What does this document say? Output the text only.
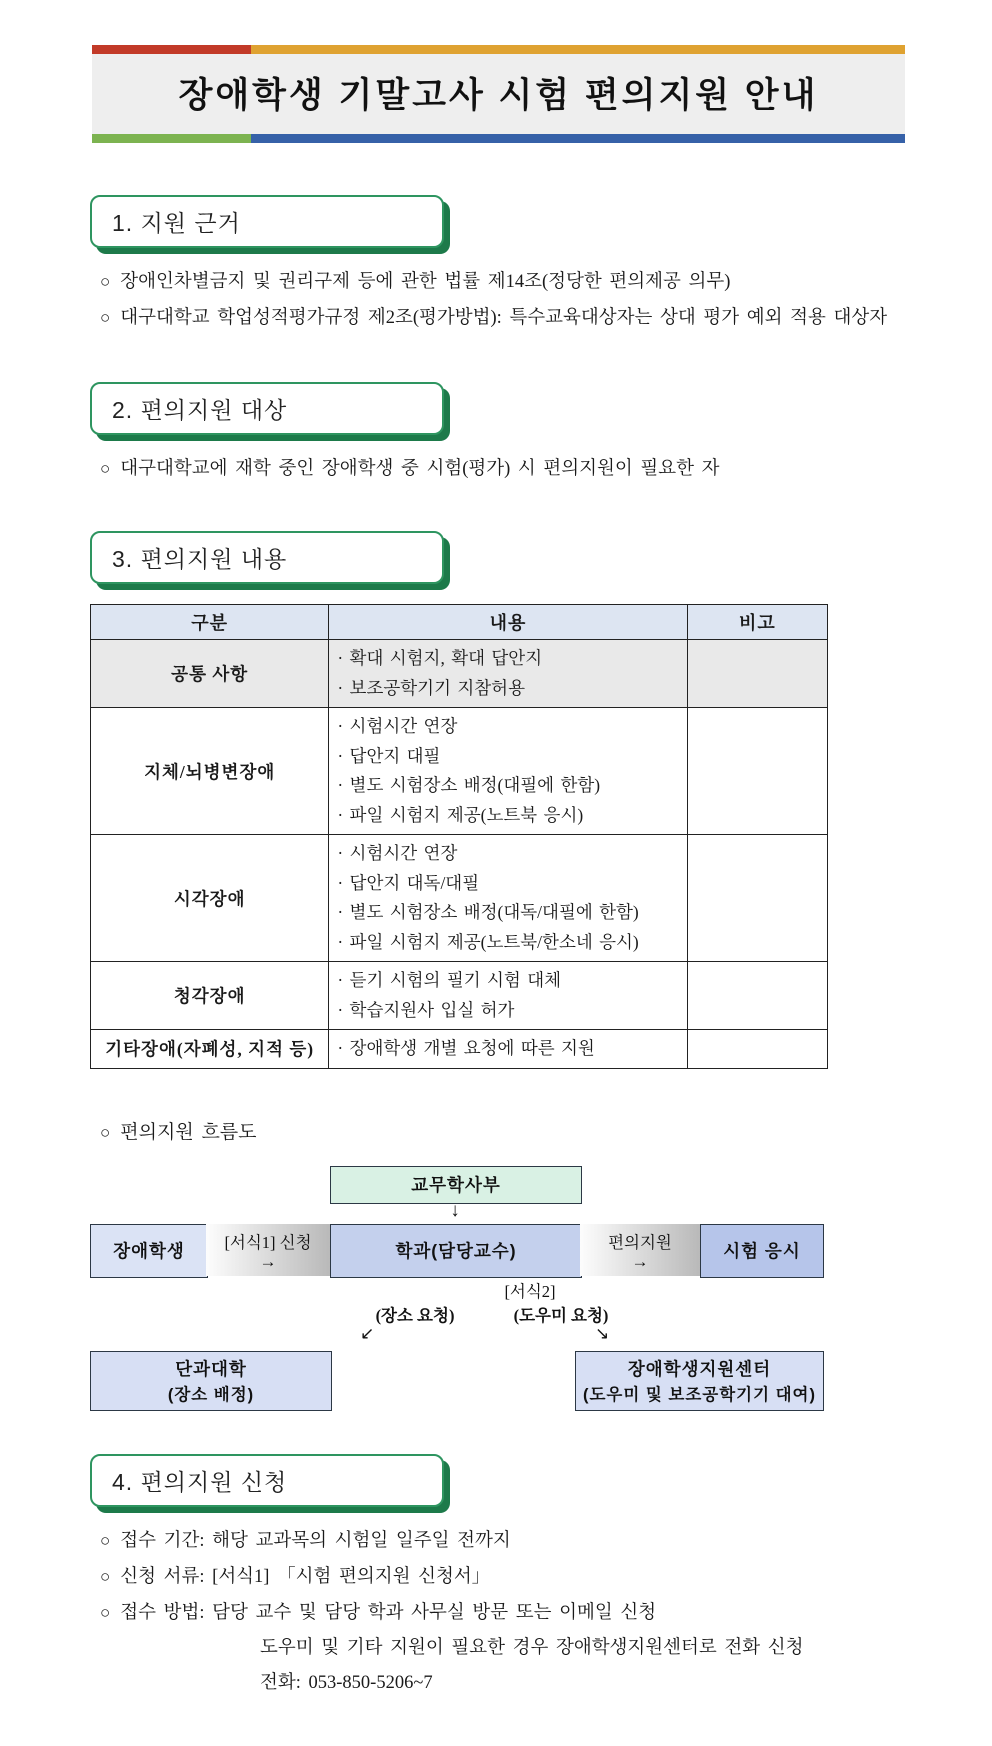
장애학생 기말고사 시험 편의지원 안내
1. 지원 근거
○ 장애인차별금지 및 권리구제 등에 관한 법률 제14조(정당한 편의제공 의무)
○ 대구대학교 학업성적평가규정 제2조(평가방법): 특수교육대상자는 상대 평가 예외 적용 대상자
2. 편의지원 대상
○ 대구대학교에 재학 중인 장애학생 중 시험(평가) 시 편의지원이 필요한 자
3. 편의지원 내용
구분	내용	비고
공통 사항	· 확대 시험지, 확대 답안지
· 보조공학기기 지참허용	

지체/뇌병변장애	· 시험시간 연장
· 답안지 대필
· 별도 시험장소 배정(대필에 한함)
· 파일 시험지 제공(노트북 응시)	

시각장애	· 시험시간 연장
· 답안지 대독/대필
· 별도 시험장소 배정(대독/대필에 한함)
· 파일 시험지 제공(노트북/한소네 응시)	

청각장애	· 듣기 시험의 필기 시험 대체
· 학습지원사 입실 허가	

기타장애(자폐성, 지적 등)	· 장애학생 개별 요청에 따른 지원	

○ 편의지원 흐름도
교무학사부
↓
장애학생	[서식1] 신청
→	학과(담당교수)	편의지원
→	시험 응시
[서식2]
(장소 요청)	(도우미 요청)
↙	↘
단과대학
(장소 배정)
장애학생지원센터
(도우미 및 보조공학기기 대여)
4. 편의지원 신청
○ 접수 기간: 해당 교과목의 시험일 일주일 전까지
○ 신청 서류: [서식1] 「시험 편의지원 신청서」
○ 접수 방법: 담당 교수 및 담당 학과 사무실 방문 또는 이메일 신청
도우미 및 기타 지원이 필요한 경우 장애학생지원센터로 전화 신청
전화: 053-850-5206~7
